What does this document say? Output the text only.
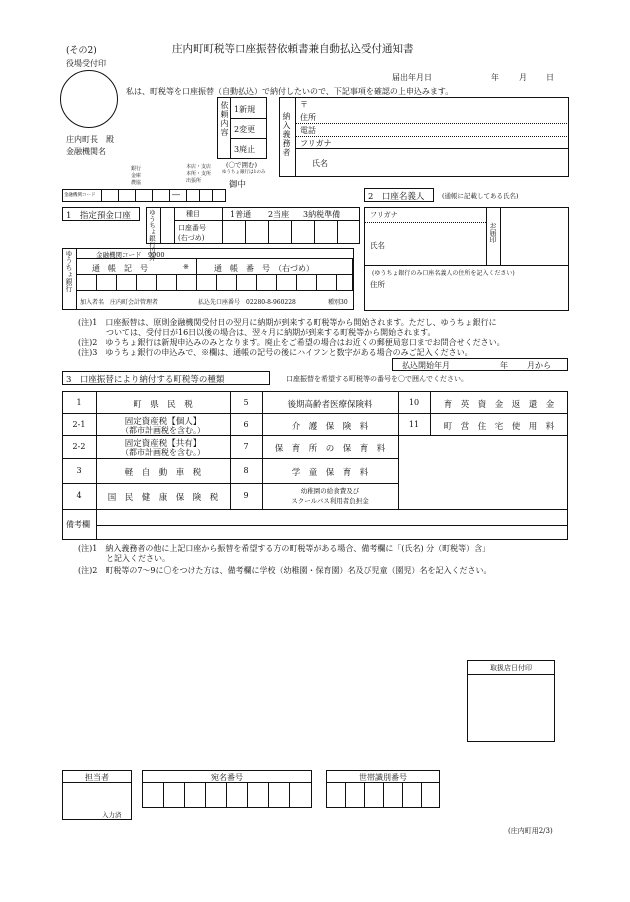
(その2)	庄内町町税等口座振替依頼書兼自動払込受付通知書
役場受付印
届出年月日	年	月 日
私は、町税等を口座振替（自動払込）で納付したいので、下記事項を確認の上申込みます。
庄内町長　殿
金融機関名
依頼内容 1新規
2変更
3廃止
(〇で囲む)
ゆうちょ銀行は1のみ
納入義務者
〒
住所
電話
フリガナ
氏名
銀行
金庫
農協
本店・支店
本所・支所
出張所	御中
金融機関コード	―
1　指定預金口座	ゆうちょ銀行以外	種目	1普通 2当座 3納税準備
口座番号
(右づめ)
ゆうちょ銀行	金融機関コード　9900
通　帳　記　号	※	通　帳　番　号　（右づめ）
加入者名　庄内町会計管理者	払込先口座番号　02280-8-960228	種別30
2　口座名義人	(通帳に記載してある氏名)
フリガナ
氏名
お届印
(ゆうちょ銀行のみ口座名義人の住所を記入ください)
住所
(注)1　口座振替は、原則金融機関受付日の翌月に納期が到来する町税等から開始されます。ただし、ゆうちょ銀行に
ついては、受付日が16日以後の場合は、翌々月に納期が到来する町税等から開始されます。
(注)2　ゆうちょ銀行は新規申込みのみとなります。廃止をご希望の場合はお近くの郵便局窓口までお問合せください。
(注)3　ゆうちょ銀行の申込みで、※欄は、通帳の記号の後にハイフンと数字がある場合のみご記入ください。
払込開始年月	年 月から
3　口座振替により納付する町税等の種類	口座振替を希望する町税等の番号を〇で囲んでください。
1	町　県　民　税
2-1	固定資産税【個人】
（都市計画税を含む。）
2-2	固定資産税【共有】
（都市計画税を含む。）
3	軽　自　動　車　税
4	国　民　健　康　保　険　税
5	後期高齢者医療保険料
6	介　護　保　険　料
7	保　育　所　の　保　育　料
8	学　童　保　育　料
9	幼稚園の給食費及び
スクールバス利用者負担金
10	育　英　資　金　返　還　金
11	町　営　住　宅　使　用　料
備考欄
(注)1　納入義務者の他に上記口座から振替を希望する方の町税等がある場合、備考欄に「(氏名) 分（町税等）含」
と記入ください。
(注)2　町税等の7～9に〇をつけた方は、備考欄に学校（幼稚園・保育園）名及び児童（園児）名を記入ください。
取扱店日付印
担当者
入力済
宛名番号	世帯識別番号
(庄内町用2/3)
